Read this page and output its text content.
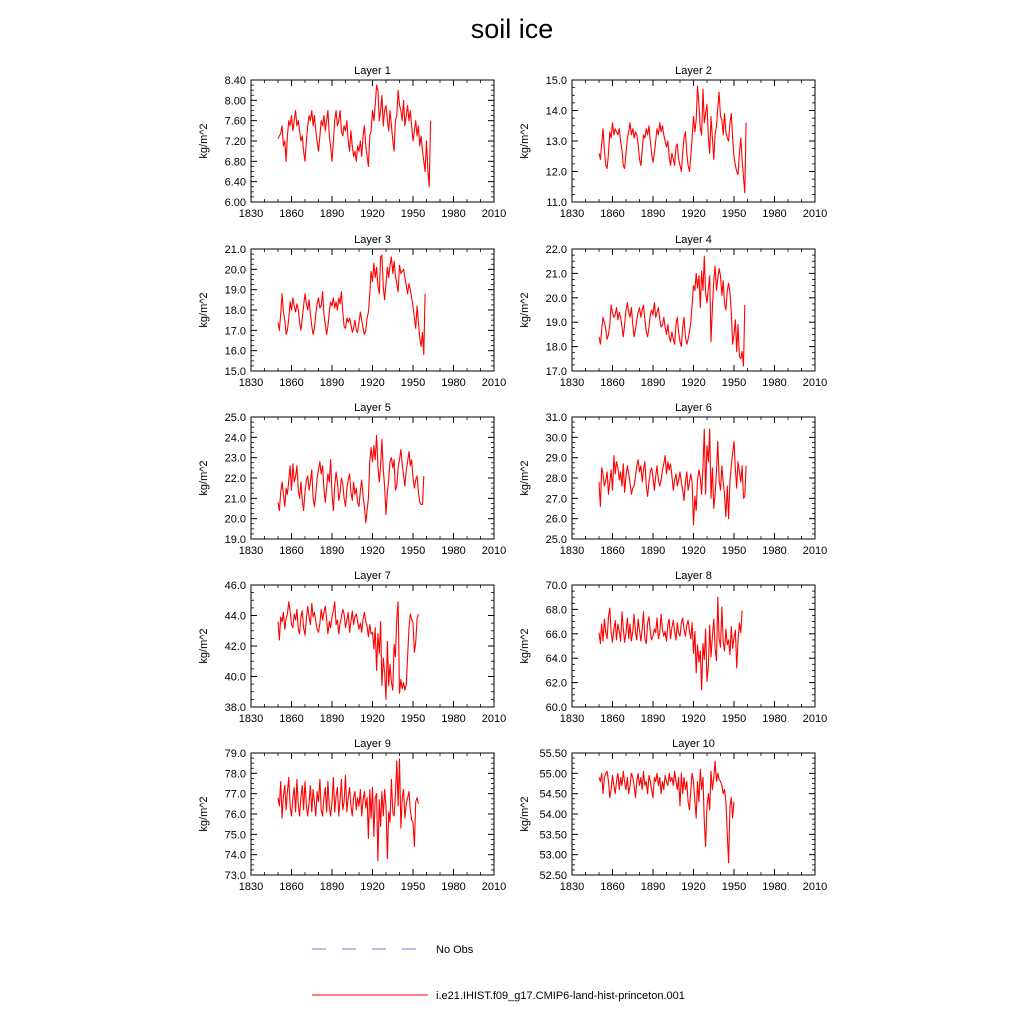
soil ice
Layer 1
kg/m^2
1830 1860 1890 1920 1950 1980 2010
6.00
6.40
6.80
7.20
7.60
8.00
8.40
Layer 2
kg/m^2
1830 1860 1890 1920 1950 1980 2010
11.0
12.0
13.0
14.0
15.0
Layer 3
kg/m^2
1830 1860 1890 1920 1950 1980 2010
15.0
16.0
17.0
18.0
19.0
20.0
21.0
Layer 4
kg/m^2
1830 1860 1890 1920 1950 1980 2010
17.0
18.0
19.0
20.0
21.0
22.0
Layer 5
kg/m^2
1830 1860 1890 1920 1950 1980 2010
19.0
20.0
21.0
22.0
23.0
24.0
25.0
Layer 6
kg/m^2
1830 1860 1890 1920 1950 1980 2010
25.0
26.0
27.0
28.0
29.0
30.0
31.0
Layer 7
kg/m^2
1830 1860 1890 1920 1950 1980 2010
38.0
40.0
42.0
44.0
46.0
Layer 8
kg/m^2
1830 1860 1890 1920 1950 1980 2010
60.0
62.0
64.0
66.0
68.0
70.0
Layer 9
kg/m^2
1830 1860 1890 1920 1950 1980 2010
73.0
74.0
75.0
76.0
77.0
78.0
79.0
Layer 10
kg/m^2
1830 1860 1890 1920 1950 1980 2010
52.50
53.00
53.50
54.00
54.50
55.00
55.50
No Obs
i.e21.IHIST.f09_g17.CMIP6-land-hist-princeton.001
